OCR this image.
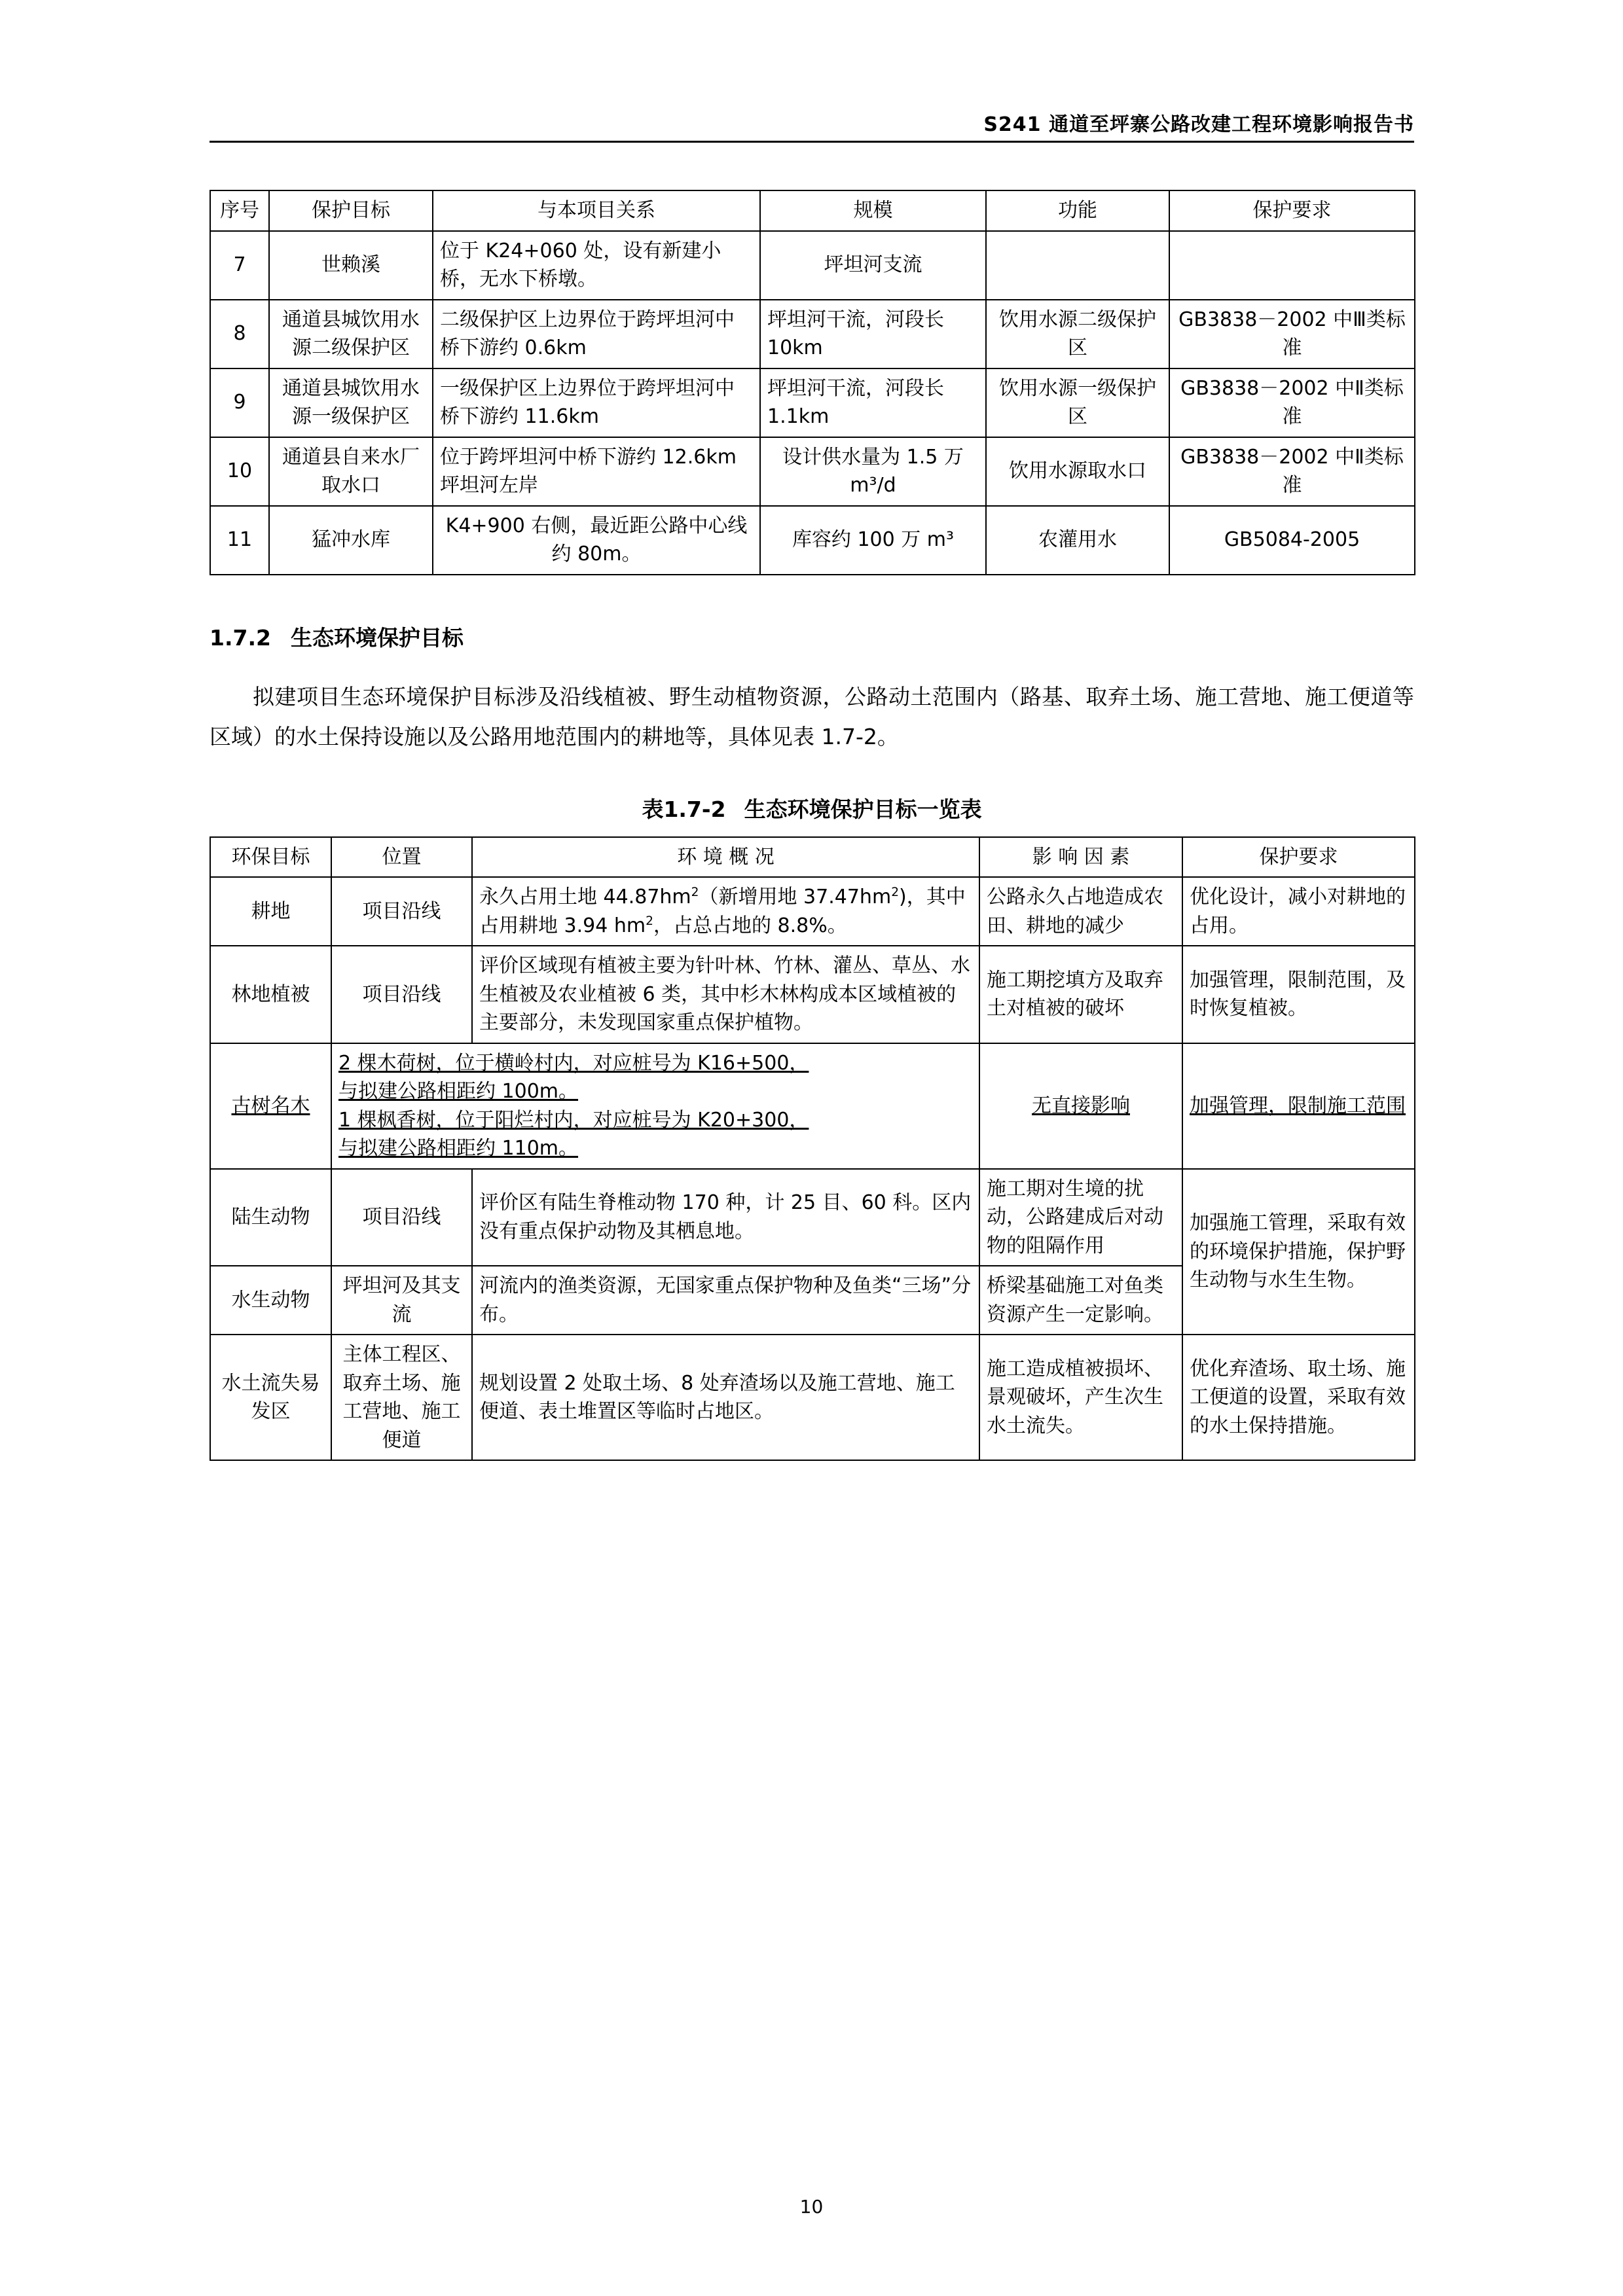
S241 通道至坪寨公路改建工程环境影响报告书
序号	保护目标	与本项目关系	规模	功能	保护要求
7	世赖溪	位于 K24+060 处，设有新建小桥，无水下桥墩。	坪坦河支流		
8	通道县城饮用水源二级保护区	二级保护区上边界位于跨坪坦河中桥下游约 0.6km	坪坦河干流，河段长 10km	饮用水源二级保护区	GB3838－2002 中Ⅲ类标准
9	通道县城饮用水源一级保护区	一级保护区上边界位于跨坪坦河中桥下游约 11.6km	坪坦河干流，河段长 1.1km	饮用水源一级保护区	GB3838－2002 中Ⅱ类标准
10	通道县自来水厂取水口	位于跨坪坦河中桥下游约 12.6km 坪坦河左岸	设计供水量为 1.5 万 m³/d	饮用水源取水口	GB3838－2002 中Ⅱ类标准
11	猛冲水库	K4+900 右侧，最近距公路中心线约 80m。	库容约 100 万 m³	农灌用水	GB5084-2005
1.7.2 生态环境保护目标
拟建项目生态环境保护目标涉及沿线植被、野生动植物资源，公路动土范围内（路基、取弃土场、施工营地、施工便道等区域）的水土保持设施以及公路用地范围内的耕地等，具体见表 1.7-2。
表1.7-2 生态环境保护目标一览表
环保目标	位置	环 境 概 况	影 响 因 素	保护要求
耕地	项目沿线	永久占用土地 $44.87hm^2$（新增用地 $37.47hm^2$)，其中占用耕地 3.94 $hm^2$，占总占地的 8.8%。	公路永久占地造成农田、耕地的减少	优化设计，减小对耕地的占用。
林地植被	项目沿线	评价区域现有植被主要为针叶林、竹林、灌丛、草丛、水生植被及农业植被 6 类，其中杉木林构成本区域植被的主要部分，未发现国家重点保护植物。	施工期挖填方及取弃土对植被的破坏	加强管理，限制范围，及时恢复植被。
古树名木	2 棵木荷树，位于横岭村内，对应桩号为 K16+500，
与拟建公路相距约 100m。
1 棵枫香树，位于阳烂村内，对应桩号为 K20+300，
与拟建公路相距约 110m。		无直接影响	加强管理，限制施工范围
陆生动物	项目沿线	评价区有陆生脊椎动物 170 种，计 25 目、60 科。区内没有重点保护动物及其栖息地。	施工期对生境的扰动，公路建成后对动物的阻隔作用	加强施工管理，采取有效的环境保护措施，保护野生动物与水生生物。
水生动物	坪坦河及其支流	河流内的渔类资源，无国家重点保护物种及鱼类“三场”分布。	桥梁基础施工对鱼类资源产生一定影响。	
水土流失易发区	主体工程区、取弃土场、施工营地、施工便道	规划设置 2 处取土场、8 处弃渣场以及施工营地、施工便道、表土堆置区等临时占地区。	施工造成植被损坏、景观破坏，产生次生水土流失。	优化弃渣场、取土场、施工便道的设置，采取有效的水土保持措施。
10
